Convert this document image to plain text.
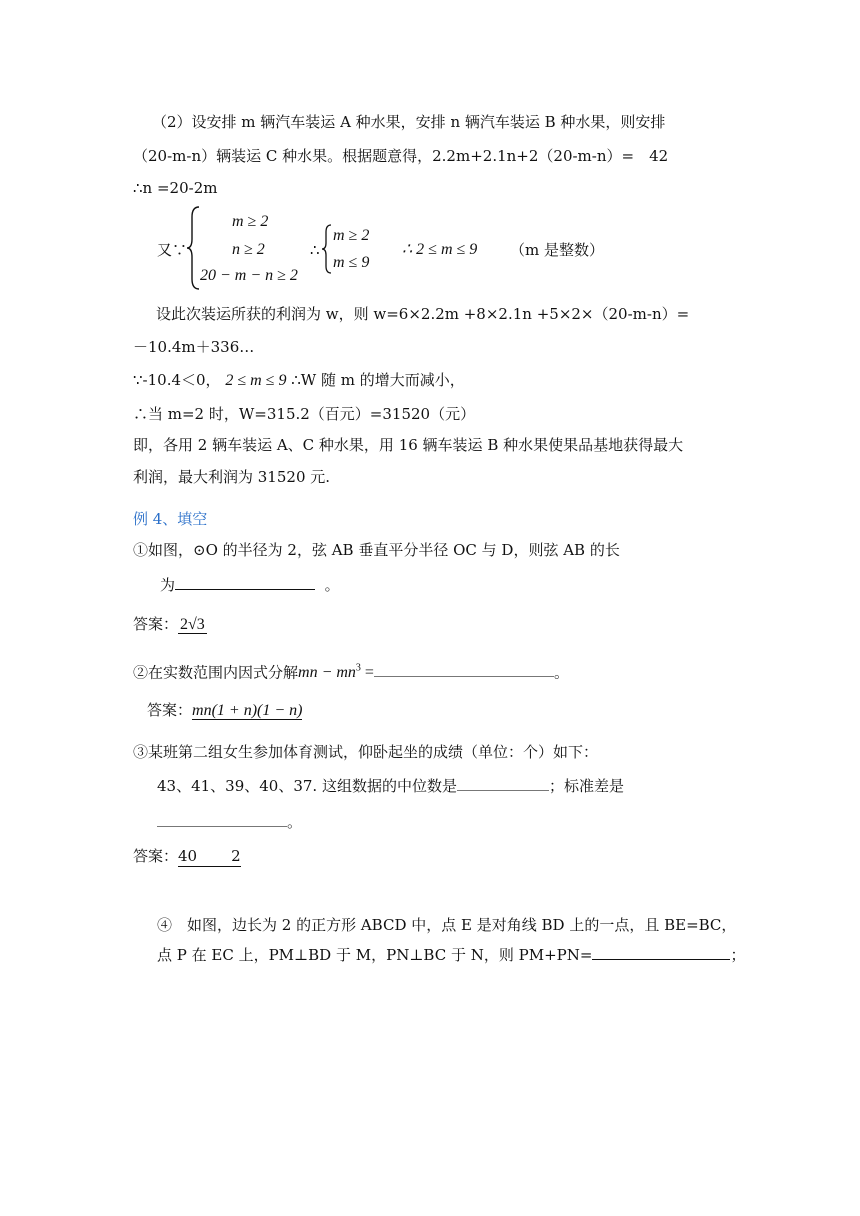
（2）设安排 m 辆汽车装运 A 种水果，安排 n 辆汽车装运 B 种水果，则安排
（20-m-n）辆装运 C 种水果。根据题意得，2.2m+2.1n+2（20-m-n）=　42
∴n =20-2m
又∵
m ≥ 2
n ≥ 2
20 − m − n ≥ 2
∴
m ≥ 2
m ≤ 9
∴ 2 ≤ m ≤ 9 （m 是整数）
设此次装运所获的利润为 w，则 w=6×2.2m +8×2.1n +5×2×（20-m-n）=
－10.4m＋336…
∵-10.4＜0， 2 ≤ m ≤ 9 ∴W 随 m 的增大而减小，
∴当 m=2 时，W=315.2（百元）=31520（元）
即，各用 2 辆车装运 A、C 种水果，用 16 辆车装运 B 种水果使果品基地获得最大
利润，最大利润为 31520 元.
例 4、填空
①如图，⊙O 的半径为 2，弦 AB 垂直平分半径 OC 与 D，则弦 AB 的长
为	。
答案： 2√3
②在实数范围内因式分解mn − $mn^3$ =	。
答案：mn(1 + n)(1 − n)
③某班第二组女生参加体育测试，仰卧起坐的成绩（单位：个）如下：
43、41、39、40、37. 这组数据的中位数是	；标准差是
。
答案：40 2
④　如图，边长为 2 的正方形 ABCD 中，点 E 是对角线 BD 上的一点，且 BE=BC，
点 P 在 EC 上，PM⊥BD 于 M，PN⊥BC 于 N，则 PM+PN=	；
